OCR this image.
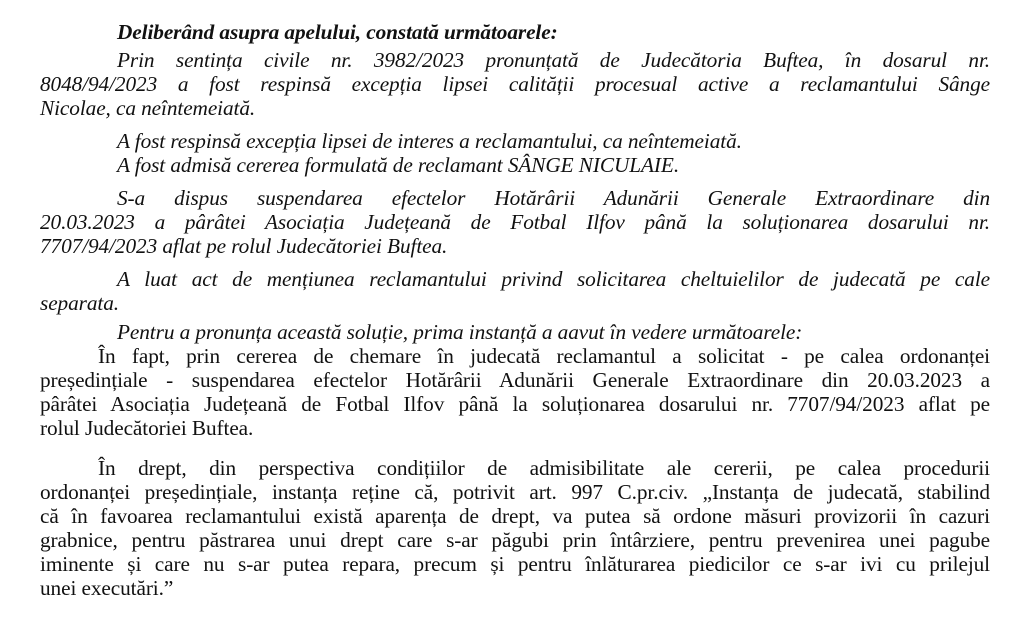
Deliberând asupra apelului, constată următoarele:
Prin sentința civile nr. 3982/2023 pronunțată de Judecătoria Buftea, în dosarul nr.
8048/94/2023 a fost respinsă excepția lipsei calității procesual active a reclamantului Sânge
Nicolae, ca neîntemeiată.
A fost respinsă excepția lipsei de interes a reclamantului, ca neîntemeiată.
A fost admisă cererea formulată de reclamant SÂNGE NICULAIE.
S-a dispus suspendarea efectelor Hotărârii Adunării Generale Extraordinare din
20.03.2023 a pârâtei Asociația Județeană de Fotbal Ilfov până la soluționarea dosarului nr.
7707/94/2023 aflat pe rolul Judecătoriei Buftea.
A luat act de mențiunea reclamantului privind solicitarea cheltuielilor de judecată pe cale
separata.
Pentru a pronunța această soluție, prima instanță a aavut în vedere următoarele:
În fapt, prin cererea de chemare în judecată reclamantul a solicitat - pe calea ordonanței
președințiale - suspendarea efectelor Hotărârii Adunării Generale Extraordinare din 20.03.2023 a
pârâtei Asociația Județeană de Fotbal Ilfov până la soluționarea dosarului nr. 7707/94/2023 aflat pe
rolul Judecătoriei Buftea.
În drept, din perspectiva condițiilor de admisibilitate ale cererii, pe calea procedurii
ordonanței președințiale, instanța reține că, potrivit art. 997 C.pr.civ. „Instanța de judecată, stabilind
că în favoarea reclamantului există aparența de drept, va putea să ordone măsuri provizorii în cazuri
grabnice, pentru păstrarea unui drept care s-ar păgubi prin întârziere, pentru prevenirea unei pagube
iminente și care nu s-ar putea repara, precum și pentru înlăturarea piedicilor ce s-ar ivi cu prilejul
unei executări.”
